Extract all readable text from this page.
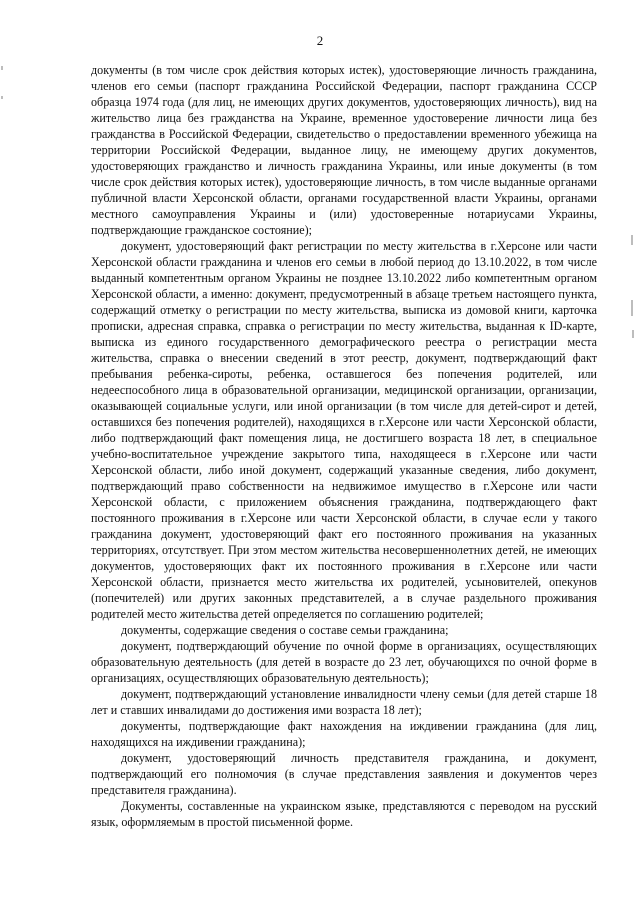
2

документы (в том числе срок действия которых истек), удостоверяющие личность гражданина, членов его семьи (паспорт гражданина Российской Федерации, паспорт гражданина СССР образца 1974 года (для лиц, не имеющих других документов, удостоверяющих личность), вид на жительство лица без гражданства на Украине, временное удостоверение личности лица без гражданства в Российской Федерации, свидетельство о предоставлении временного убежища на территории Российской Федерации, выданное лицу, не имеющему других документов, удостоверяющих гражданство и личность гражданина Украины, или иные документы (в том числе срок действия которых истек), удостоверяющие личность, в том числе выданные органами публичной власти Херсонской области, органами государственной власти Украины, органами местного самоуправления Украины и (или) удостоверенные нотариусами Украины, подтверждающие гражданское состояние);

документ, удостоверяющий факт регистрации по месту жительства в г.Херсоне или части Херсонской области гражданина и членов его семьи в любой период до 13.10.2022, в том числе выданный компетентным органом Украины не позднее 13.10.2022 либо компетентным органом Херсонской области, а именно: документ, предусмотренный в абзаце третьем настоящего пункта, содержащий отметку о регистрации по месту жительства, выписка из домовой книги, карточка прописки, адресная справка, справка о регистрации по месту жительства, выданная к ID-карте, выписка из единого государственного демографического реестра о регистрации места жительства, справка о внесении сведений в этот реестр, документ, подтверждающий факт пребывания ребенка-сироты, ребенка, оставшегося без попечения родителей, или недееспособного лица в образовательной организации, медицинской организации, организации, оказывающей социальные услуги, или иной организации (в том числе для детей-сирот и детей, оставшихся без попечения родителей), находящихся в г.Херсоне или части Херсонской области, либо подтверждающий факт помещения лица, не достигшего возраста 18 лет, в специальное учебно-воспитательное учреждение закрытого типа, находящееся в г.Херсоне или части Херсонской области, либо иной документ, содержащий указанные сведения, либо документ, подтверждающий право собственности на недвижимое имущество в г.Херсоне или части Херсонской области, с приложением объяснения гражданина, подтверждающего факт постоянного проживания в г.Херсоне или части Херсонской области, в случае если у такого гражданина документ, удостоверяющий факт его постоянного проживания на указанных территориях, отсутствует. При этом местом жительства несовершеннолетних детей, не имеющих документов, удостоверяющих факт их постоянного проживания в г.Херсоне или части Херсонской области, признается место жительства их родителей, усыновителей, опекунов (попечителей) или других законных представителей, а в случае раздельного проживания родителей место жительства детей определяется по соглашению родителей;

документы, содержащие сведения о составе семьи гражданина;

документ, подтверждающий обучение по очной форме в организациях, осуществляющих образовательную деятельность (для детей в возрасте до 23 лет, обучающихся по очной форме в организациях, осуществляющих образовательную деятельность);

документ, подтверждающий установление инвалидности члену семьи (для детей старше 18 лет и ставших инвалидами до достижения ими возраста 18 лет);

документы, подтверждающие факт нахождения на иждивении гражданина (для лиц, находящихся на иждивении гражданина);

документ, удостоверяющий личность представителя гражданина, и документ, подтверждающий его полномочия (в случае представления заявления и документов через представителя гражданина).

Документы, составленные на украинском языке, представляются с переводом на русский язык, оформляемым в простой письменной форме.
